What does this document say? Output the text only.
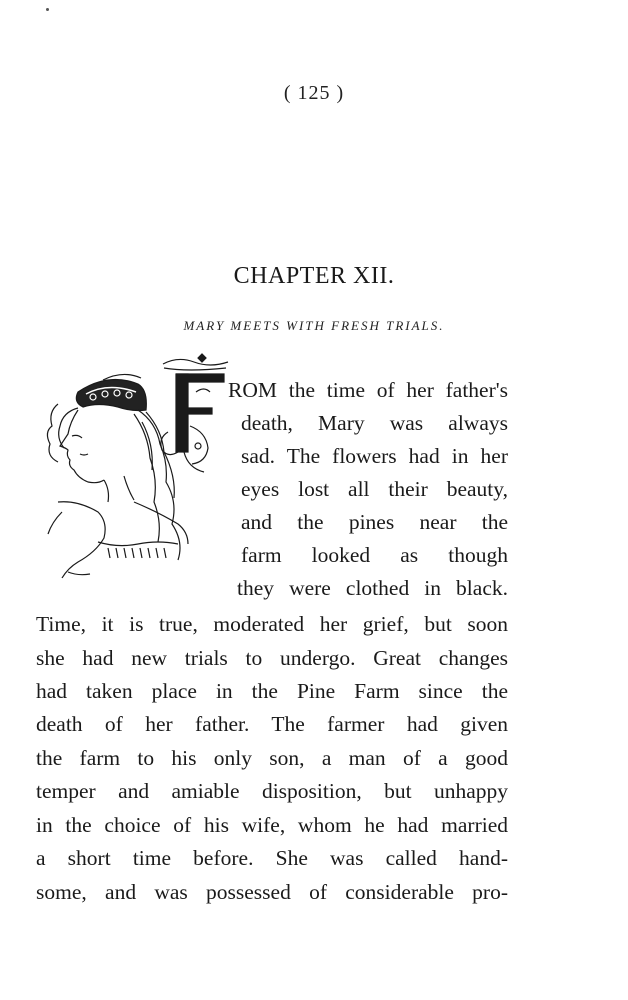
( 125 )
CHAPTER XII.
MARY MEETS WITH FRESH TRIALS.
ROM the time of her father's
death, Mary was always
sad. The flowers had in her
eyes lost all their beauty,
and the pines near the
farm looked as though
they were clothed in black.
Time, it is true, moderated her grief, but soon
she had new trials to undergo. Great changes
had taken place in the Pine Farm since the
death of her father. The farmer had given
the farm to his only son, a man of a good
temper and amiable disposition, but unhappy
in the choice of his wife, whom he had married
a short time before. She was called hand-
some, and was possessed of considerable pro-
